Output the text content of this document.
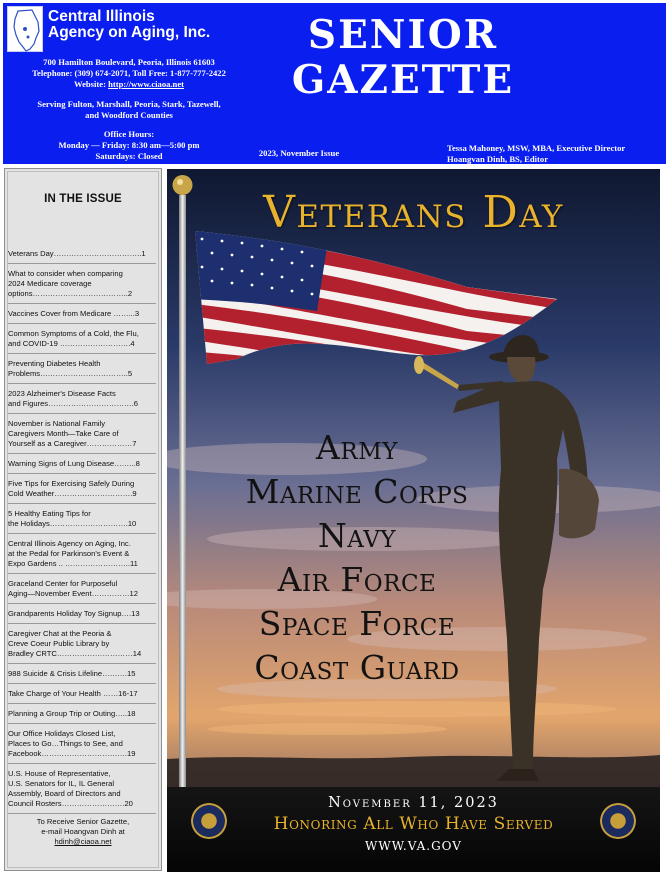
Central Illinois
Agency on Aging, Inc.
700 Hamilton Boulevard, Peoria, Illinois 61603
Telephone: (309) 674-2071, Toll Free: 1-877-777-2422
Website: http://www.ciaoa.net
Serving Fulton, Marshall, Peoria, Stark, Tazewell,
and Woodford Counties
Office Hours:
Monday — Friday: 8:30 am—5:00 pm
Saturdays: Closed
SENIOR
GAZETTE
2023, November Issue	Tessa Mahoney, MSW, MBA, Executive Director
Hoangvan Dinh, BS, Editor
IN THE ISSUE
To Receive Senior Gazette,
e-mail Hoangvan Dinh at
hdinh@ciaoa.net
Veterans Day……………………………..1
What to consider when comparing
2024 Medicare coverage
options………………………………..2
Vaccines Cover from Medicare ……...3
Common Symptoms of a Cold, the Flu,
and COVID-19 ……………………….4
Preventing Diabetes Health
Problems……………………………..5
2023 Alzheimer's Disease Facts
and Figures…………………………….6
November is National Family
Caregivers Month—Take Care of
Yourself as a Caregiver………………7
Warning Signs of Lung Disease……...8
Five Tips for Exercising Safely During
Cold Weather………………………….9
5 Healthy Eating Tips for
the Holidays………………………….10
Central Illinois Agency on Aging, Inc.
at the Pedal for Parkinson's Event &
Expo Gardens .. ……………………..11
Graceland Center for Purposeful
Aging—November Event……………12
Grandparents Holiday Toy Signup….13
Caregiver Chat at the Peoria &
Creve Coeur Public Library by
Bradley CRTC…………………………14
988 Suicide & Crisis Lifeline……….15
Take Charge of Your Health ……16-17
Planning a Group Trip or Outing…..18
Our Office Holidays Closed List,
Places to Go…Things to See, and
Facebook…………………………….19
U.S. House of Representative,
U.S. Senators for IL, IL General
Assembly, Board of Directors and
Council Rosters…………………….20
Veterans Day
Army
Marine Corps
Navy
Air Force
Space Force
Coast Guard
November 11, 2023
Honoring All Who Have Served
WWW.VA.GOV
